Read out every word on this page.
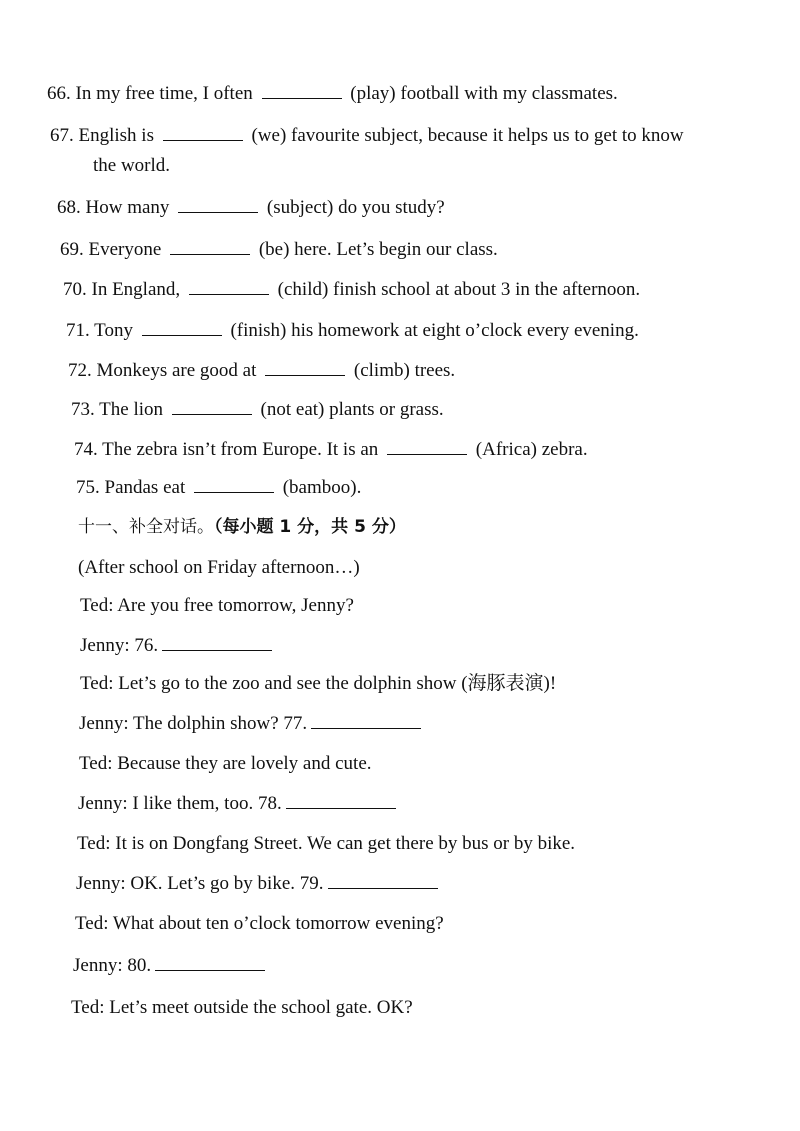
66. In my free time, I often	(play) football with my classmates.
67. English is	(we) favourite subject, because it helps us to get to know
the world.
68. How many	(subject) do you study?
69. Everyone	(be) here. Let’s begin our class.
70. In England,	(child) finish school at about 3 in the afternoon.
71. Tony	(finish) his homework at eight o’clock every evening.
72. Monkeys are good at	(climb) trees.
73. The lion	(not eat) plants or grass.
74. The zebra isn’t from Europe. It is an	(Africa) zebra.
75. Pandas eat	(bamboo).
十一、补全对话。（每小题 1 分，共 5 分）
(After school on Friday afternoon…)
Ted: Are you free tomorrow, Jenny?
Jenny: 76.
Ted: Let’s go to the zoo and see the dolphin show (海豚表演)!
Jenny: The dolphin show? 77.
Ted: Because they are lovely and cute.
Jenny: I like them, too. 78.
Ted: It is on Dongfang Street. We can get there by bus or by bike.
Jenny: OK. Let’s go by bike. 79.
Ted: What about ten o’clock tomorrow evening?
Jenny: 80.
Ted: Let’s meet outside the school gate. OK?
